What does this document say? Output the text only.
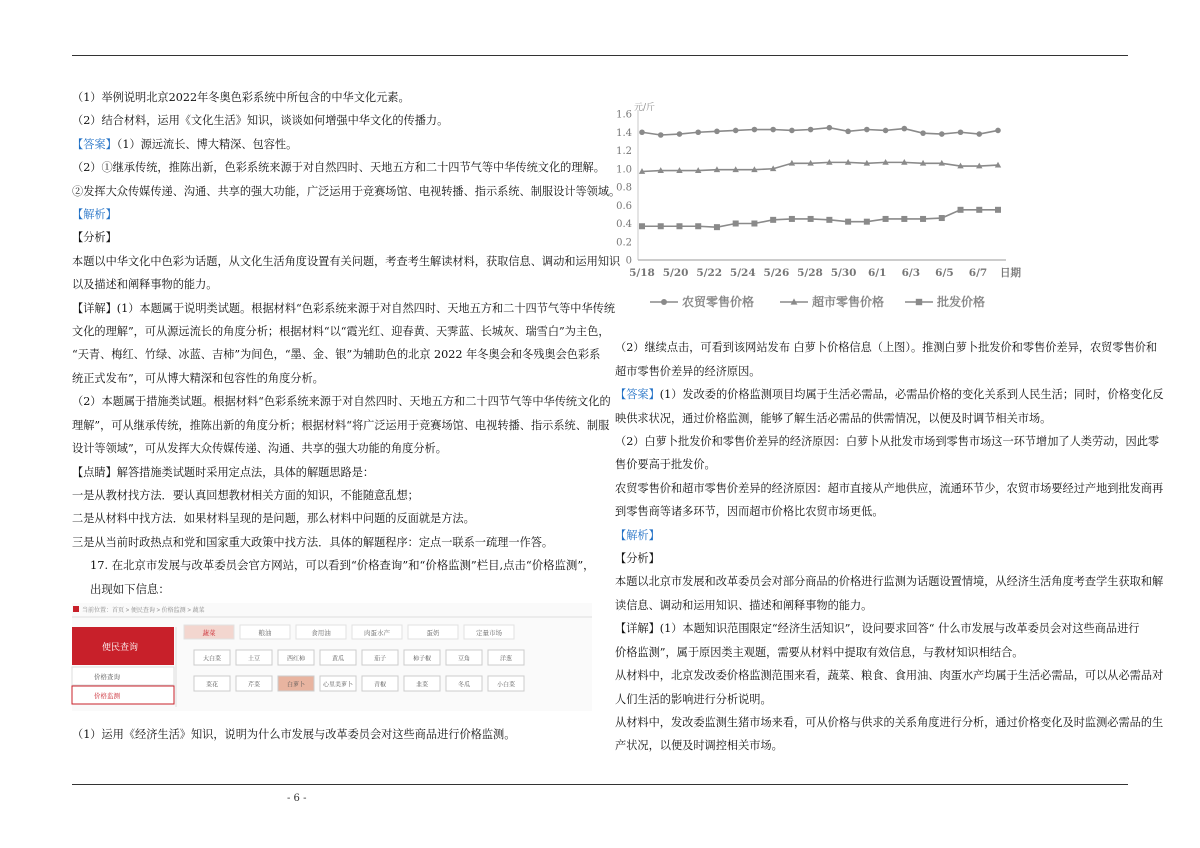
（1）举例说明北京2022年冬奥色彩系统中所包含的中华文化元素。

（2）结合材料，运用《文化生活》知识，谈谈如何增强中华文化的传播力。

【答案】（1）源远流长、博大精深、包容性。

（2）①继承传统，推陈出新，色彩系统来源于对自然四时、天地五方和二十四节气等中华传统文化的理解。

②发挥大众传媒传递、沟通、共享的强大功能，广泛运用于竞赛场馆、电视转播、指示系统、制服设计等领域。

【解析】

【分析】

本题以中华文化中色彩为话题，从文化生活角度设置有关问题，考查考生解读材料，获取信息、调动和运用知识

以及描述和阐释事物的能力。

【详解】(1）本题属于说明类试题。根据材料“色彩系统来源于对自然四时、天地五方和二十四节气等中华传统

文化的理解”，可从源远流长的角度分析；根据材料“以“霞光红、迎春黄、天霁蓝、长城灰、瑞雪白”为主色，

“天青、梅红、竹绿、冰蓝、吉柿”为间色，“墨、金、银”为辅助色的北京 2022 年冬奥会和冬残奥会色彩系

统正式发布”，可从博大精深和包容性的角度分析。

（2）本题属于措施类试题。根据材料“色彩系统来源于对自然四时、天地五方和二十四节气等中华传统文化的

理解”，可从继承传统，推陈出新的角度分析；根据材料“将广泛运用于竞赛场馆、电视转播、指示系统、制服

设计等领域”，可从发挥大众传媒传递、沟通、共享的强大功能的角度分析。

【点睛】解答措施类试题时采用定点法，具体的解题思路是：

一是从教材找方法．要认真回想教材相关方面的知识，不能随意乱想；

二是从材料中找方法．如果材料呈现的是问题，那么材料中问题的反面就是方法。

三是从当前时政热点和党和国家重大政策中找方法．具体的解题程序：定点一联系一疏理一作答。

17. 在北京市发展与改革委员会官方网站，可以看到“价格查询”和“价格监测”栏目,点击“价格监测”，

出现如下信息：

当前位置：首页 > 便民查询 > 价格监测 > 蔬菜
便民查询
价格查询
价格监测
蔬菜	粮油	食用油	肉蛋水产	蛋奶	定量市场
大白菜	土豆	西红柿	黄瓜	茄子	柿子椒	豆角	洋葱
菜花	芹菜	白萝卜	心里美萝卜	青椒	韭菜	冬瓜	小白菜

（1）运用《经济生活》知识，说明为什么市发展与改革委员会对这些商品进行价格监测。

元/斤
0
0.2
0.4
0.6
0.8
1.0
1.2
1.4
1.6
5/18 5/20 5/22 5/24 5/26 5/28 5/30 6/1 6/3 6/5 6/7 日期
农贸零售价格	超市零售价格	批发价格

（2）继续点击，可看到该网站发布 白萝卜价格信息（上图）。推测白萝卜批发价和零售价差异，农贸零售价和

超市零售价差异的经济原因。

【答案】(1）发改委的价格监测项目均属于生活必需品，必需品价格的变化关系到人民生活；同时，价格变化反

映供求状况，通过价格监测，能够了解生活必需品的供需情况，以便及时调节相关市场。

（2）白萝卜批发价和零售价差异的经济原因：白萝卜从批发市场到零售市场这一环节增加了人类劳动，因此零

售价要高于批发价。

农贸零售价和超市零售价差异的经济原因：超市直接从产地供应，流通环节少，农贸市场要经过产地到批发商再

到零售商等诸多环节，因而超市价格比农贸市场更低。

【解析】

【分析】

本题以北京市发展和改革委员会对部分商品的价格进行监测为话题设置情境，从经济生活角度考查学生获取和解

读信息、调动和运用知识、描述和阐释事物的能力。

【详解】(1）本题知识范围限定“经济生活知识”，设问要求回答“ 什么市发展与改革委员会对这些商品进行

价格监测”，属于原因类主观题，需要从材料中提取有效信息，与教材知识相结合。

从材料中，北京发改委价格监测范围来看，蔬菜、粮食、食用油、肉蛋水产均属于生活必需品，可以从必需品对

人们生活的影响进行分析说明。

从材料中，发改委监测生猪市场来看，可从价格与供求的关系角度进行分析，通过价格变化及时监测必需品的生

产状况，以便及时调控相关市场。

- 6 -
